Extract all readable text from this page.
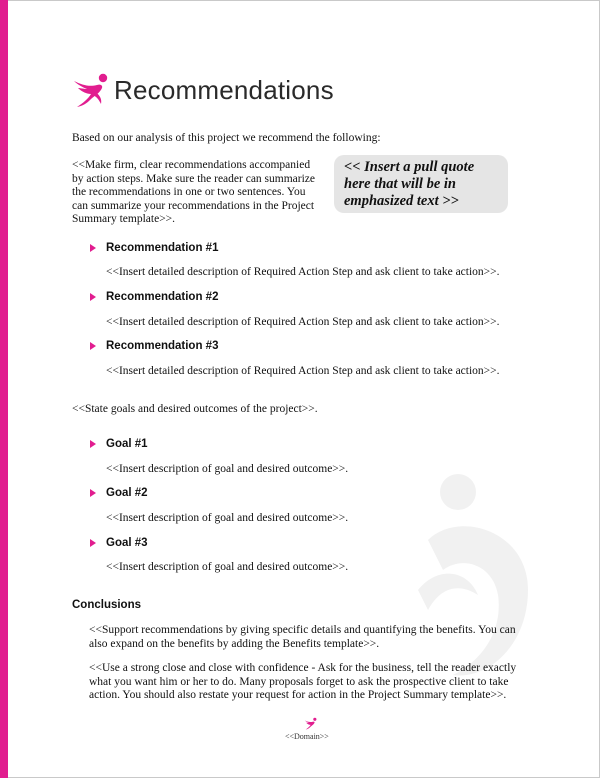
Recommendations

Based on our analysis of this project we recommend the following:

<<Make firm, clear recommendations accompanied by action steps. Make sure the reader can summarize the recommendations in one or two sentences. You can summarize your recommendations in the Project Summary template>>.

<< Insert a pull quote here that will be in emphasized text >>
Recommendation #1

<<Insert detailed description of Required Action Step and ask client to take action>>.

Recommendation #2

<<Insert detailed description of Required Action Step and ask client to take action>>.

Recommendation #3

<<Insert detailed description of Required Action Step and ask client to take action>>.

<<State goals and desired outcomes of the project>>.

Goal #1

<<Insert description of goal and desired outcome>>.

Goal #2

<<Insert description of goal and desired outcome>>.

Goal #3

<<Insert description of goal and desired outcome>>.

Conclusions

<<Support recommendations by giving specific details and quantifying the benefits. You can also expand on the benefits by adding the Benefits template>>.

<<Use a strong close and close with confidence - Ask for the business, tell the reader exactly what you want him or her to do. Many proposals forget to ask the prospective client to take action. You should also restate your request for action in the Project Summary template>>.

<<Domain>>
